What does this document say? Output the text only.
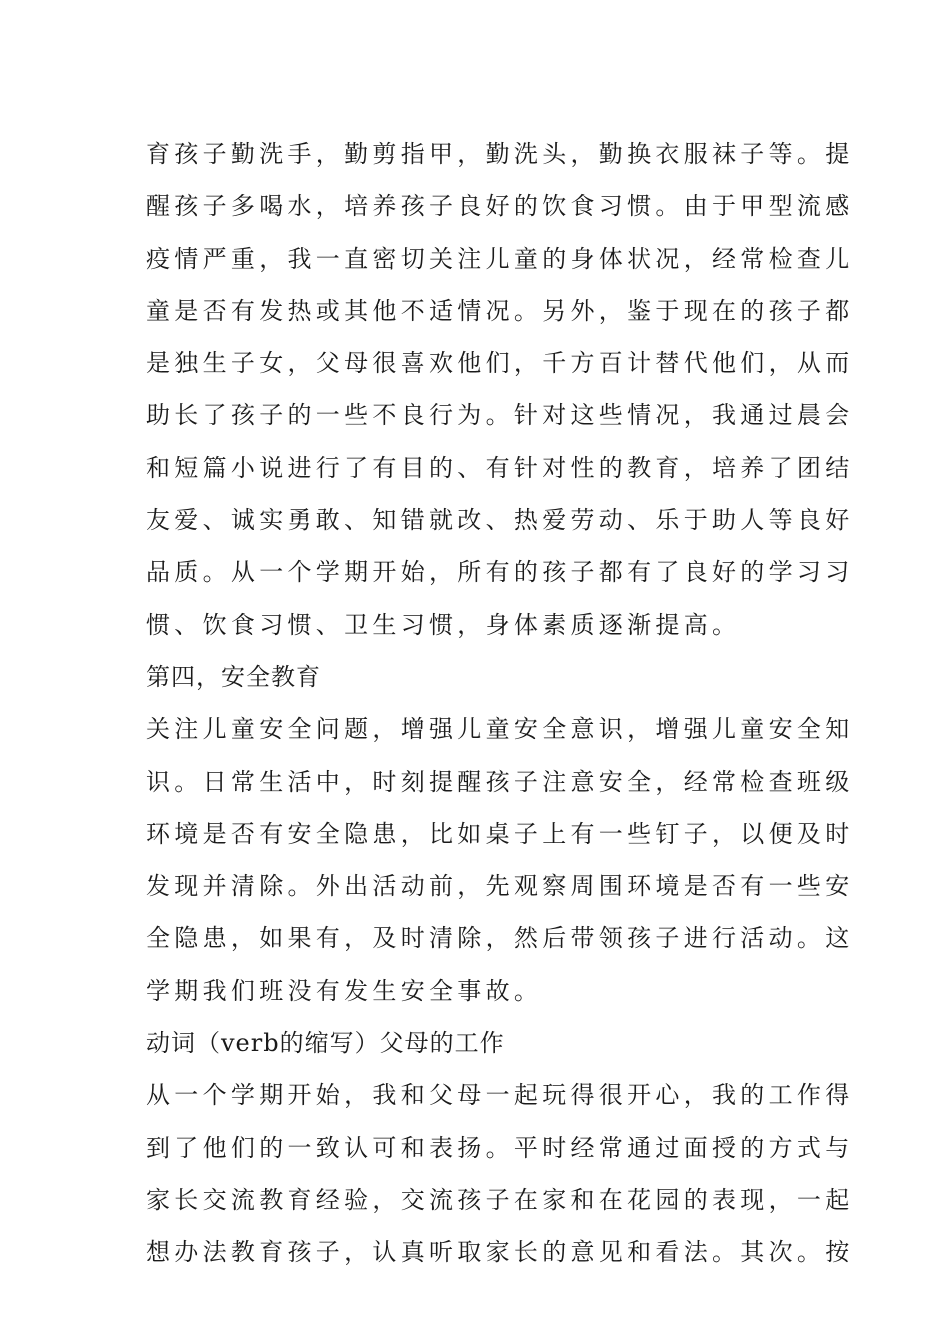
育孩子勤洗手，勤剪指甲，勤洗头，勤换衣服袜子等。提
醒孩子多喝水，培养孩子良好的饮食习惯。由于甲型流感
疫情严重，我一直密切关注儿童的身体状况，经常检查儿
童是否有发热或其他不适情况。另外，鉴于现在的孩子都
是独生子女，父母很喜欢他们，千方百计替代他们，从而
助长了孩子的一些不良行为。针对这些情况，我通过晨会
和短篇小说进行了有目的、有针对性的教育，培养了团结
友爱、诚实勇敢、知错就改、热爱劳动、乐于助人等良好
品质。从一个学期开始，所有的孩子都有了良好的学习习
惯、饮食习惯、卫生习惯，身体素质逐渐提高。
第四，安全教育
关注儿童安全问题，增强儿童安全意识，增强儿童安全知
识。日常生活中，时刻提醒孩子注意安全，经常检查班级
环境是否有安全隐患，比如桌子上有一些钉子，以便及时
发现并清除。外出活动前，先观察周围环境是否有一些安
全隐患，如果有，及时清除，然后带领孩子进行活动。这
学期我们班没有发生安全事故。
动词（verb的缩写）父母的工作
从一个学期开始，我和父母一起玩得很开心，我的工作得
到了他们的一致认可和表扬。平时经常通过面授的方式与
家长交流教育经验，交流孩子在家和在花园的表现，一起
想办法教育孩子，认真听取家长的意见和看法。其次。按
